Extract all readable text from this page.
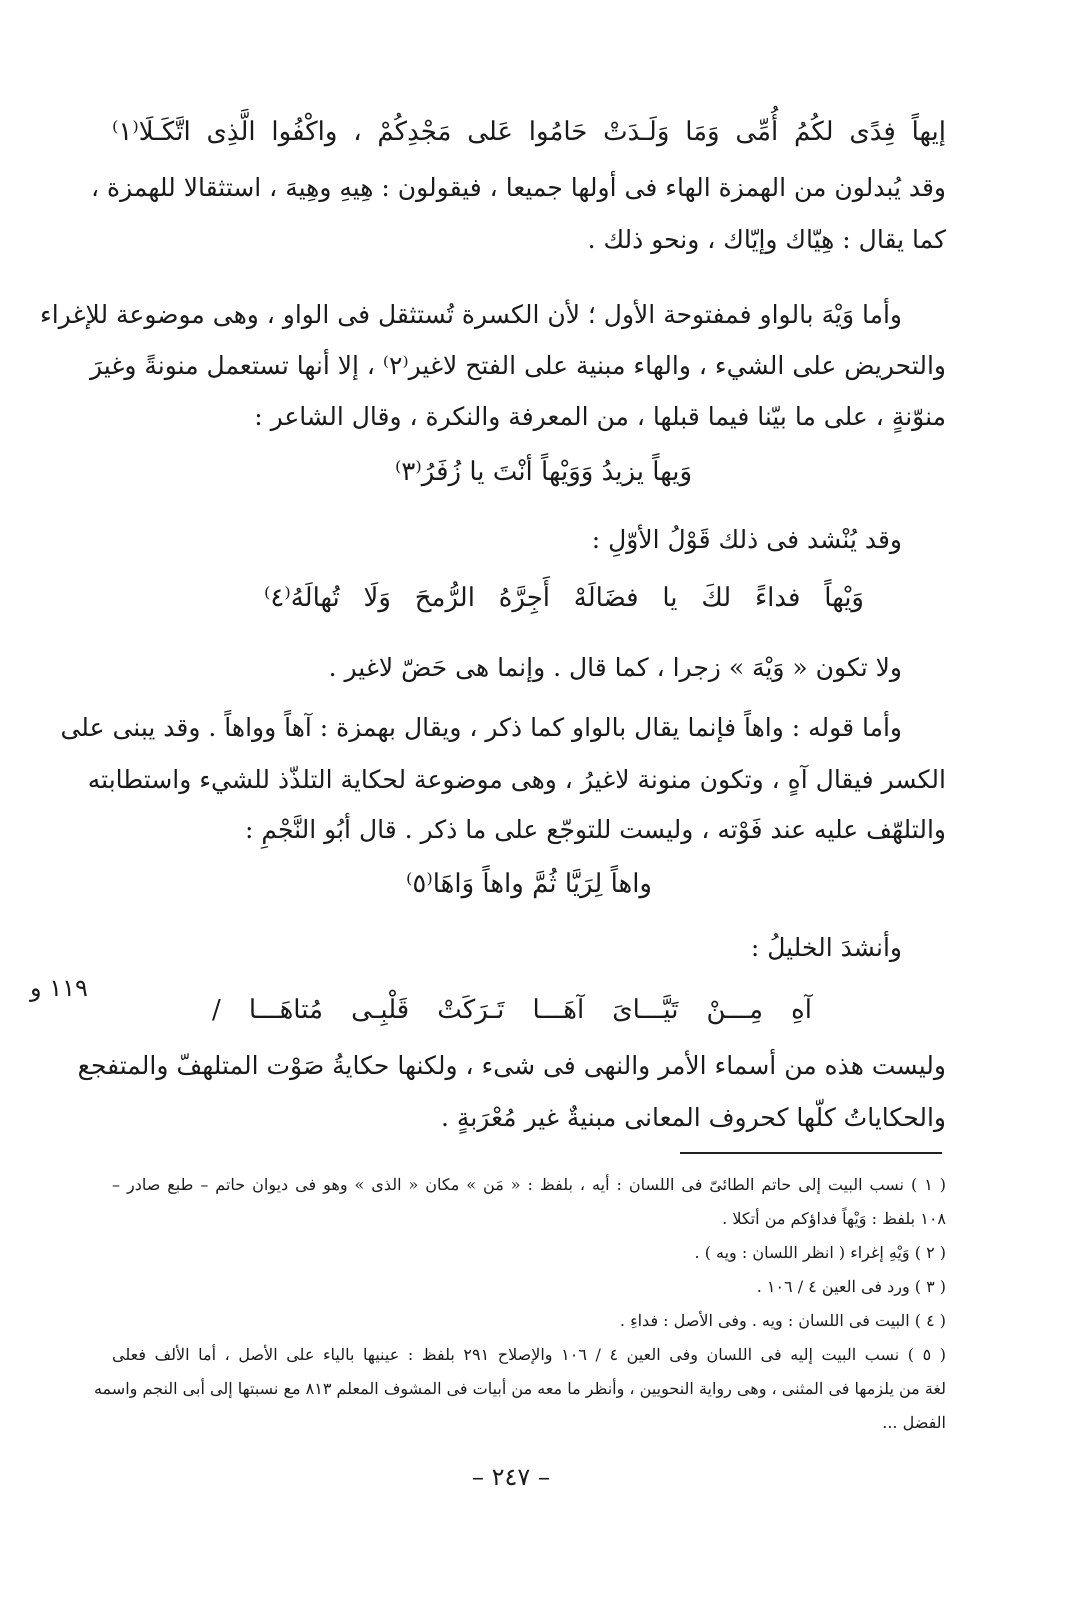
إيهاً فِدًى لكُمُ أُمِّى وَمَا وَلَـدَتْ حَامُوا عَلى مَجْدِكُمْ ، واكْفُوا الَّذِى اتَّكَـلَا⁽١⁾
وقد يُبدلون من الهمزة الهاء فى أولها جميعا ، فيقولون : هِيهِ وهِيهَ ، استثقالا للهمزة ،
كما يقال : هِيّاك وإيّاك ، ونحو ذلك .
وأما وَيْهَ بالواو فمفتوحة الأول ؛ لأن الكسرة تُستثقل فى الواو ، وهى موضوعة للإغراء
والتحريض على الشيء ، والهاء مبنية على الفتح لاغير⁽٢⁾ ، إلا أنها تستعمل منونةً وغيرَ
منوّنةٍ ، على ما بيّنا فيما قبلها ، من المعرفة والنكرة ، وقال الشاعر :
وَيهاً يزيدُ وَوَيْهاً أنْتَ يا زُفَرُ⁽٣⁾
وقد يُنْشد فى ذلك قَوْلُ الأوّلِ :
وَيْهاً فداءً لكَ يا فضَالَهْ أَجِرَّهُ الرُّمحَ وَلَا تُهالَهُ⁽٤⁾
ولا تكون « وَيْهَ » زجرا ، كما قال . وإنما هى حَضّ لاغير .
وأما قوله : واهاً فإنما يقال بالواو كما ذكر ، ويقال بهمزة : آهاً وواهاً . وقد يبنى على
الكسر فيقال آهٍ ، وتكون منونة لاغيرُ ، وهى موضوعة لحكاية التلذّذ للشيء واستطابته
والتلهّف عليه عند فَوْته ، وليست للتوجّع على ما ذكر . قال أبُو النَّجْمِ :
واهاً لِرَيَّا ثُمَّ واهاً وَاهَا⁽٥⁾
وأنشدَ الخليلُ :
١١٩ و
آهِ مِـــنْ تَيَّـــاىَ آهَـــا تَـرَكَتْ قَلْبِـى مُتاهَـــا /
وليست هذه من أسماء الأمر والنهى فى شىء ، ولكنها حكايةُ صَوْت المتلهفّ والمتفجع
والحكاياتُ كلّها كحروف المعانى مبنيةٌ غير مُعْرَبةٍ .
( ١ ) نسب البيت إلى حاتم الطائىّ فى اللسان : أيه ، بلفظ : « مَن » مكان « الذى » وهو فى ديوان حاتم – طبع صادر –
١٠٨ بلفظ : وَيْهاً فداؤكم من أتكلا .
( ٢ ) وَيْهِ إغراء ( انظر اللسان : ويه ) .
( ٣ ) ورد فى العين ٤ / ١٠٦ .
( ٤ ) البيت فى اللسان : ويه . وفى الأصل : فداءِ .
( ٥ ) نسب البيت إليه فى اللسان وفى العين ٤ / ١٠٦ والإصلاح ٢٩١ بلفظ : عينيها بالياء على الأصل ، أما الألف فعلى
لغة من يلزمها فى المثنى ، وهى رواية النحويين ، وأنظر ما معه من أبيات فى المشوف المعلم ٨١٣ مع نسبتها إلى أبى النجم واسمه
الفضل ...
– ٢٤٧ –
